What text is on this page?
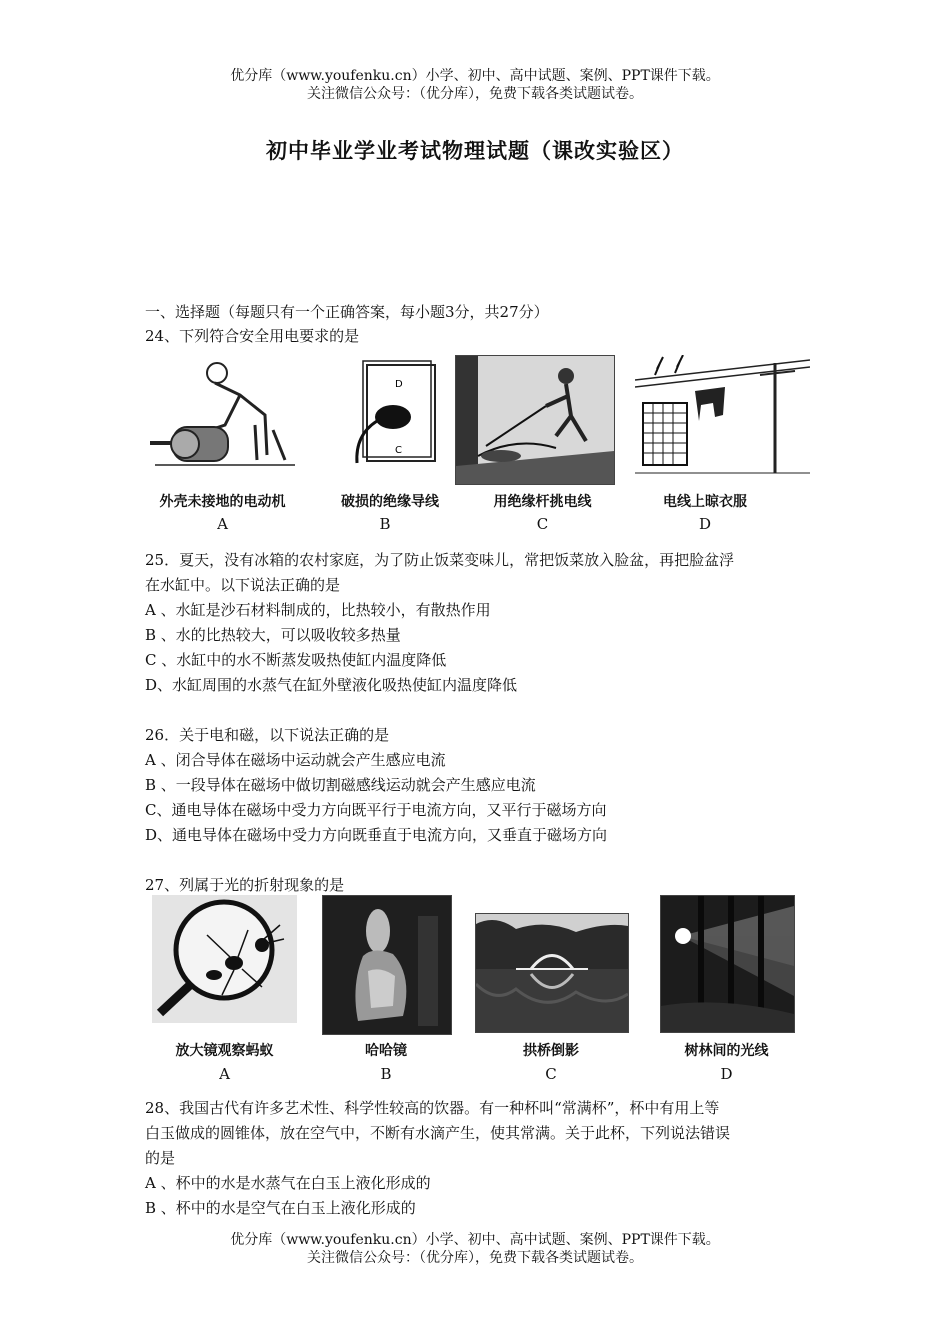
优分库（www.youfenku.cn）小学、初中、高中试题、案例、PPT课件下载。
关注微信公众号：（优分库），免费下载各类试题试卷。
初中毕业学业考试物理试题（课改实验区）
一、选择题（每题只有一个正确答案，每小题3分，共27分）
24、下列符合安全用电要求的是
外壳未接地的电动机
A
D
C
破损的绝缘导线
B
用绝缘杆挑电线
C
电线上晾衣服
D
25．夏天，没有冰箱的农村家庭，为了防止饭菜变味儿，常把饭菜放入脸盆，再把脸盆浮
在水缸中。以下说法正确的是
A 、水缸是沙石材料制成的，比热较小，有散热作用
B 、水的比热较大，可以吸收较多热量
C 、水缸中的水不断蒸发吸热使缸内温度降低
D、水缸周围的水蒸气在缸外壁液化吸热使缸内温度降低
26．关于电和磁，以下说法正确的是
A 、闭合导体在磁场中运动就会产生感应电流
B 、一段导体在磁场中做切割磁感线运动就会产生感应电流
C、通电导体在磁场中受力方向既平行于电流方向，又平行于磁场方向
D、通电导体在磁场中受力方向既垂直于电流方向，又垂直于磁场方向
27、列属于光的折射现象的是
放大镜观察蚂蚁
A
哈哈镜
B
拱桥倒影
C
树林间的光线
D
28、我国古代有许多艺术性、科学性较高的饮器。有一种杯叫“常满杯”，杯中有用上等
白玉做成的圆锥体，放在空气中，不断有水滴产生，使其常满。关于此杯，下列说法错误
的是
A 、杯中的水是水蒸气在白玉上液化形成的
B 、杯中的水是空气在白玉上液化形成的
优分库（www.youfenku.cn）小学、初中、高中试题、案例、PPT课件下载。
关注微信公众号：（优分库），免费下载各类试题试卷。
